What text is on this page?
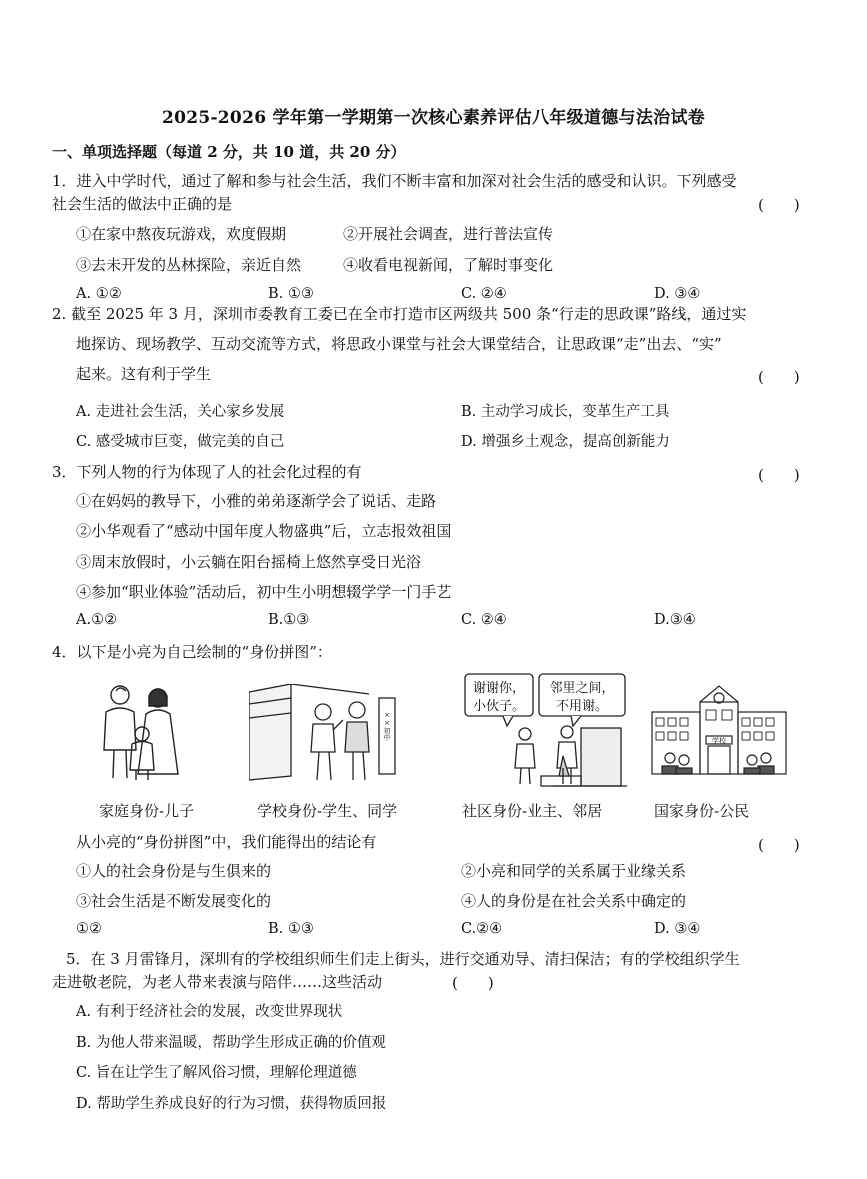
2025-2026 学年第一学期第一次核心素养评估八年级道德与法治试卷
一、单项选择题（每道 2 分，共 10 道，共 20 分）
1．进入中学时代，通过了解和参与社会生活，我们不断丰富和加深对社会生活的感受和认识。下列感受
社会生活的做法中正确的是	(　　)
①在家中熬夜玩游戏，欢度假期	②开展社会调查，进行普法宣传
③去未开发的丛林探险，亲近自然	④收看电视新闻，了解时事变化
A. ①②	B. ①③	C. ②④	D. ③④
2. 截至 2025 年 3 月，深圳市委教育工委已在全市打造市区两级共 500 条“行走的思政课”路线，通过实
地探访、现场教学、互动交流等方式，将思政小课堂与社会大课堂结合，让思政课“走”出去、“实”
起来。这有利于学生	(　　)
A. 走进社会生活，关心家乡发展	B. 主动学习成长，变革生产工具
C. 感受城市巨变，做完美的自己	D. 增强乡土观念，提高创新能力
3．下列人物的行为体现了人的社会化过程的有	(　　)
①在妈妈的教导下，小雅的弟弟逐渐学会了说话、走路
②小华观看了“感动中国年度人物盛典”后，立志报效祖国
③周末放假时，小云躺在阳台摇椅上悠然享受日光浴
④参加“职业体验”活动后，初中生小明想辍学学一门手艺
A.①②	B.①③	C. ②④	D.③④
4．以下是小亮为自己绘制的“身份拼图”：
××初中
谢谢你，
小伙子。
邻里之间，
不用谢。
学校
家庭身份-儿子	学校身份-学生、同学	社区身份-业主、邻居	国家身份-公民
从小亮的“身份拼图”中，我们能得出的结论有	(　　)
①人的社会身份是与生俱来的	②小亮和同学的关系属于业缘关系
③社会生活是不断发展变化的	④人的身份是在社会关系中确定的
①②	B. ①③	C.②④	D. ③④
5．在 3 月雷锋月，深圳有的学校组织师生们走上街头，进行交通劝导、清扫保洁；有的学校组织学生
走进敬老院，为老人带来表演与陪伴……这些活动	(　　)
A. 有利于经济社会的发展，改变世界现状
B. 为他人带来温暖，帮助学生形成正确的价值观
C. 旨在让学生了解风俗习惯，理解伦理道德
D. 帮助学生养成良好的行为习惯，获得物质回报
